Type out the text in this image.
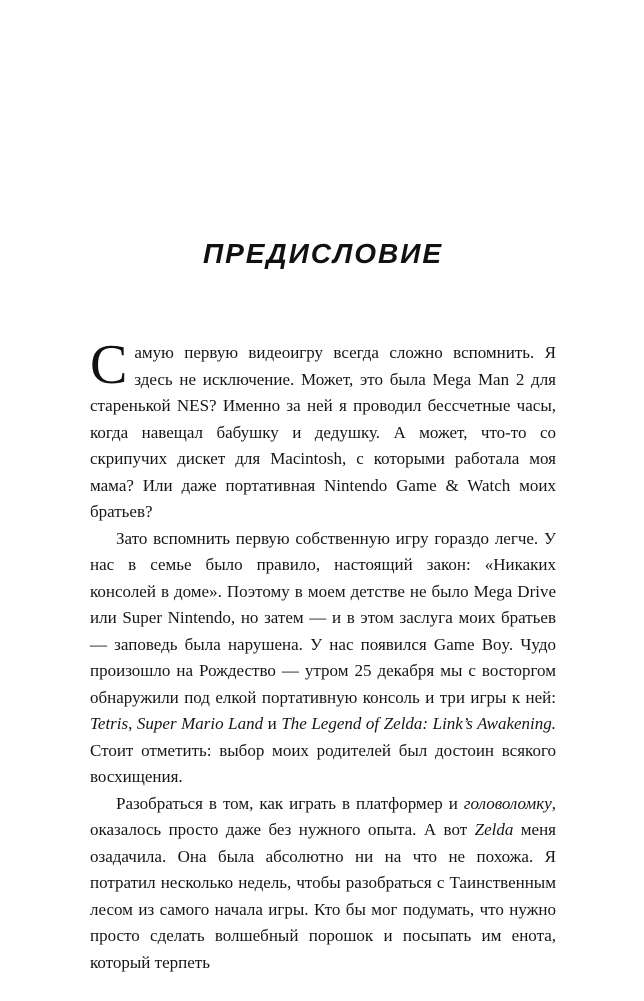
ПРЕДИСЛОВИЕ

Самую первую видеоигру всегда сложно вспомнить. Я здесь не исключение. Может, это была Mega Man 2 для старенькой NES? Именно за ней я проводил бессчетные часы, когда навещал бабушку и дедушку. А может, что-то со скрипучих дискет для Macintosh, с которыми работала моя мама? Или даже портативная Nintendo Game & Watch моих братьев?

Зато вспомнить первую собственную игру гораздо легче. У нас в семье было правило, настоящий закон: «Никаких консолей в доме». Поэтому в моем детстве не было Mega Drive или Super Nintendo, но затем — и в этом заслуга моих братьев — заповедь была нарушена. У нас появился Game Boy. Чудо произошло на Рождество — утром 25 декабря мы с восторгом обнаружили под елкой портативную консоль и три игры к ней: Tetris, Super Mario Land и The Legend of Zelda: Link’s Awakening. Стоит отметить: выбор моих родителей был достоин всякого восхищения.

Разобраться в том, как играть в платформер и головоломку, оказалось просто даже без нужного опыта. А вот Zelda меня озадачила. Она была абсолютно ни на что не похожа. Я потратил несколько недель, чтобы разобраться с Таинственным лесом из самого начала игры. Кто бы мог подумать, что нужно просто сделать волшебный порошок и посыпать им енота, который терпеть
